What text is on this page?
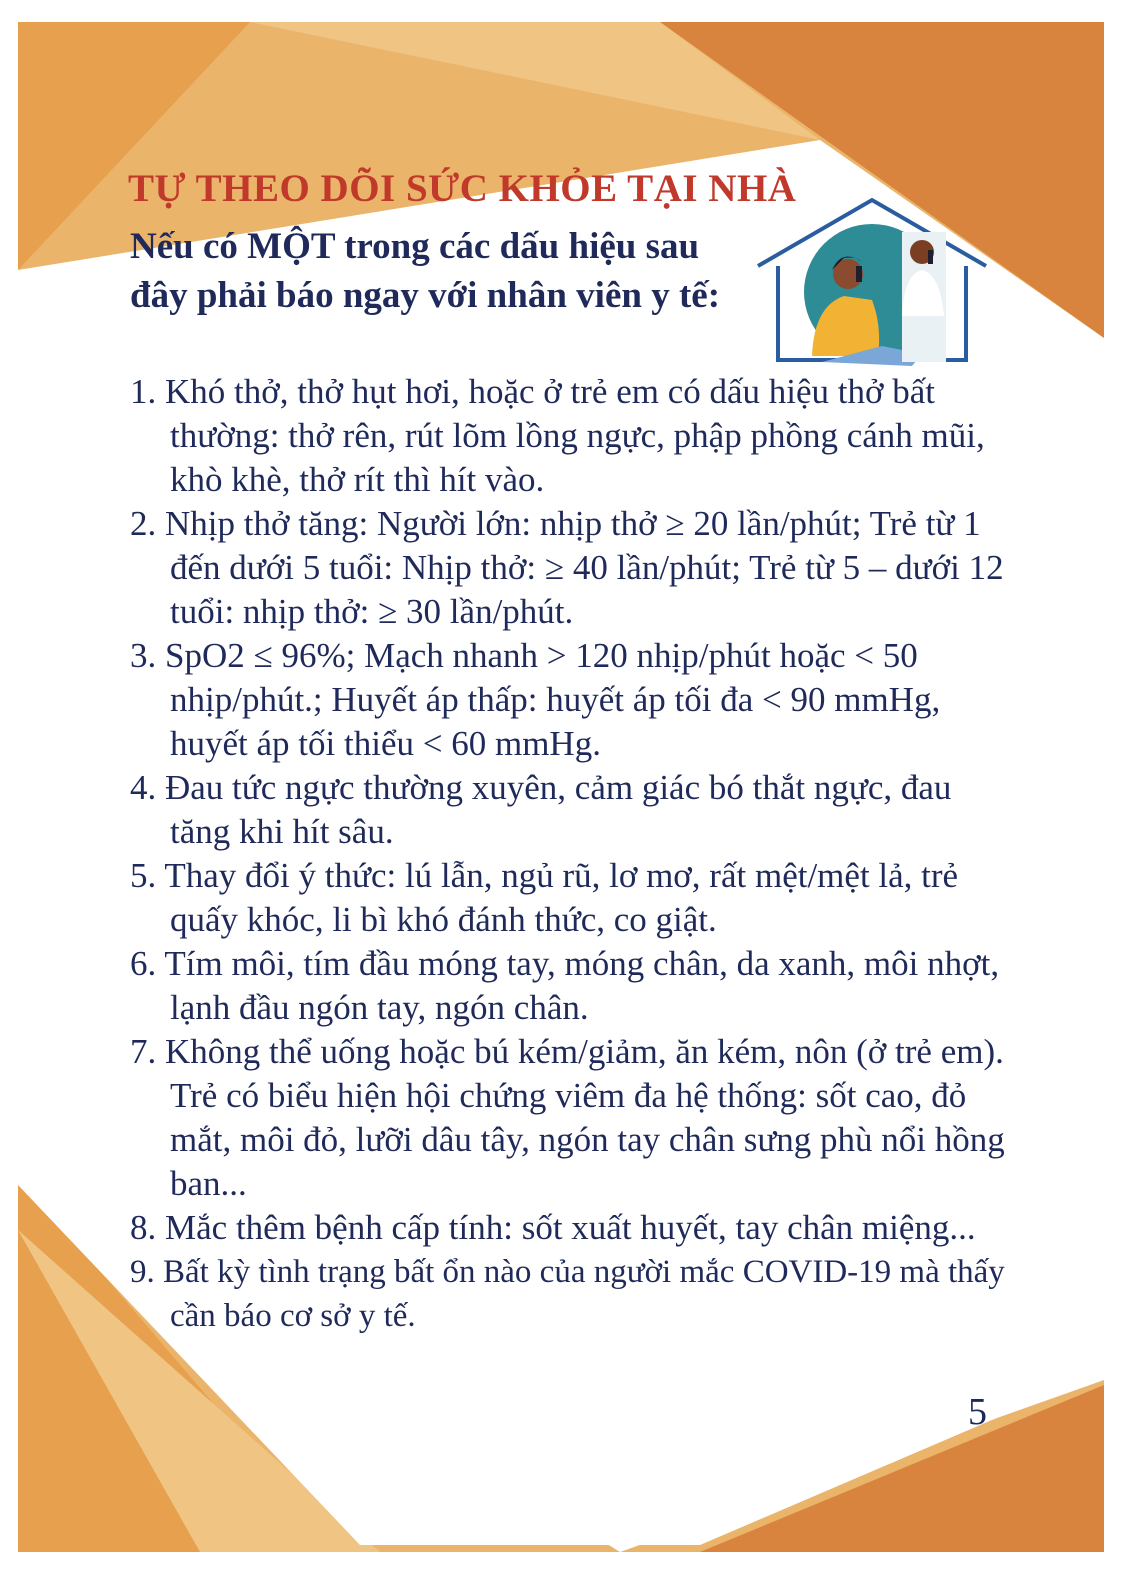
TỰ THEO DÕI SỨC KHỎE TẠI NHÀ

Nếu có MỘT trong các dấu hiệu sau đây phải báo ngay với nhân viên y tế:

1. Khó thở, thở hụt hơi, hoặc ở trẻ em có dấu hiệu thở bất thường: thở rên, rút lõm lồng ngực, phập phồng cánh mũi, khò khè, thở rít thì hít vào.
2. Nhịp thở tăng: Người lớn: nhịp thở ≥ 20 lần/phút; Trẻ từ 1 đến dưới 5 tuổi: Nhịp thở: ≥ 40 lần/phút; Trẻ từ 5 – dưới 12 tuổi: nhịp thở: ≥ 30 lần/phút.
3. SpO2 ≤ 96%; Mạch nhanh > 120 nhịp/phút hoặc < 50 nhịp/phút.; Huyết áp thấp: huyết áp tối đa < 90 mmHg, huyết áp tối thiểu < 60 mmHg.
4. Đau tức ngực thường xuyên, cảm giác bó thắt ngực, đau tăng khi hít sâu.
5. Thay đổi ý thức: lú lẫn, ngủ rũ, lơ mơ, rất mệt/mệt lả, trẻ quấy khóc, li bì khó đánh thức, co giật.
6. Tím môi, tím đầu móng tay, móng chân, da xanh, môi nhợt, lạnh đầu ngón tay, ngón chân.
7. Không thể uống hoặc bú kém/giảm, ăn kém, nôn (ở trẻ em). Trẻ có biểu hiện hội chứng viêm đa hệ thống: sốt cao, đỏ mắt, môi đỏ, lưỡi dâu tây, ngón tay chân sưng phù nổi hồng ban...
8. Mắc thêm bệnh cấp tính: sốt xuất huyết, tay chân miệng...
9. Bất kỳ tình trạng bất ổn nào của người mắc COVID-19 mà thấy cần báo cơ sở y tế.
5
